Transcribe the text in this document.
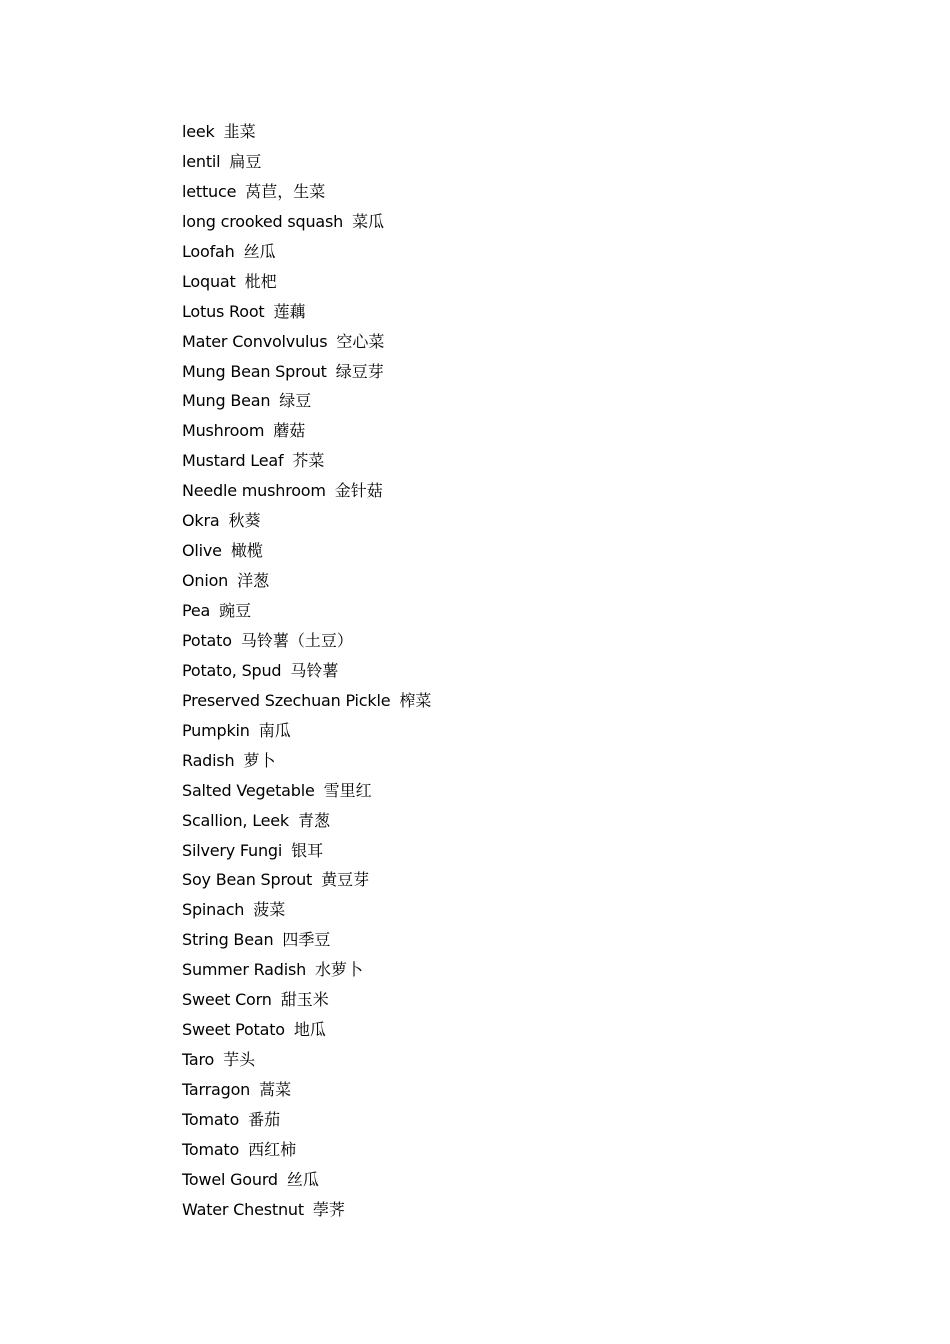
leek 韭菜
lentil 扁豆
lettuce 莴苣，生菜
long crooked squash 菜瓜
Loofah 丝瓜
Loquat 枇杷
Lotus Root 莲藕
Mater Convolvulus 空心菜
Mung Bean Sprout 绿豆芽
Mung Bean 绿豆
Mushroom 蘑菇
Mustard Leaf 芥菜
Needle mushroom 金针菇
Okra 秋葵
Olive 橄榄
Onion 洋葱
Pea 豌豆
Potato 马铃薯（土豆）
Potato, Spud 马铃薯
Preserved Szechuan Pickle 榨菜
Pumpkin 南瓜
Radish 萝卜
Salted Vegetable 雪里红
Scallion, Leek 青葱
Silvery Fungi 银耳
Soy Bean Sprout 黄豆芽
Spinach 菠菜
String Bean 四季豆
Summer Radish 水萝卜
Sweet Corn 甜玉米
Sweet Potato 地瓜
Taro 芋头
Tarragon 蒿菜
Tomato 番茄
Tomato 西红柿
Towel Gourd 丝瓜
Water Chestnut 荸荠
